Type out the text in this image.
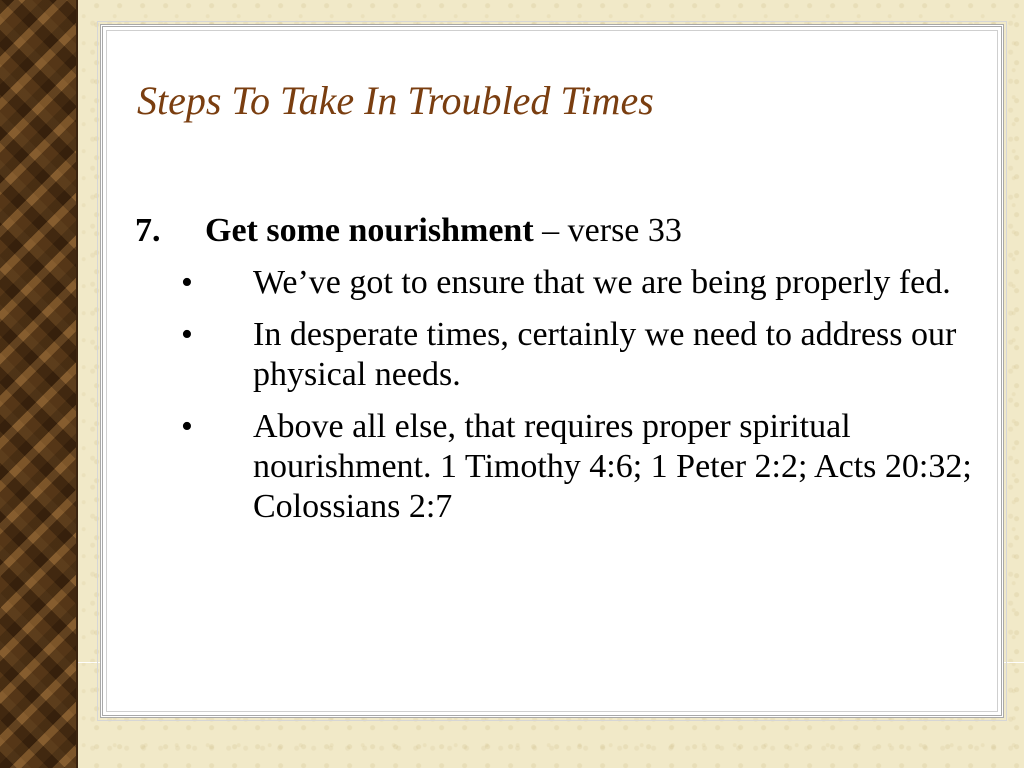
Steps To Take In Troubled Times
7.	Get some nourishment – verse 33
•	We’ve got to ensure that we are being properly fed.
•	In desperate times, certainly we need to address our physical needs.
•	Above all else, that requires proper spiritual nourishment. 1 Timothy 4:6; 1 Peter 2:2; Acts 20:32; Colossians 2:7
